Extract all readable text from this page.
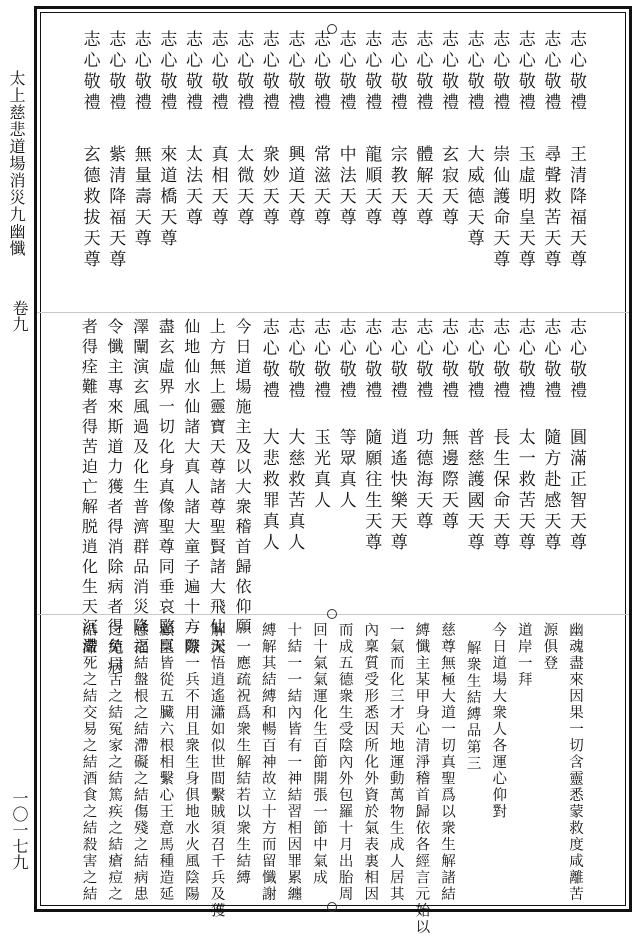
太上慈悲道場消災九幽懺
卷九
一〇一七九
志心敬禮
王清降福天尊
志心敬禮
尋聲救苦天尊
志心敬禮
玉虛明皇天尊
志心敬禮
崇仙護命天尊
志心敬禮
大威德天尊
志心敬禮
玄寂天尊
志心敬禮
體解天尊
志心敬禮
宗教天尊
志心敬禮
龍順天尊
志心敬禮
中法天尊
志心敬禮
常滋天尊
志心敬禮
興道天尊
志心敬禮
衆妙天尊
志心敬禮
太微天尊
志心敬禮
真相天尊
志心敬禮
太法天尊
志心敬禮
來道橋天尊
志心敬禮
無量壽天尊
志心敬禮
紫清降福天尊
志心敬禮
玄德救拔天尊
志心敬禮
圓滿正智天尊
志心敬禮
隨方赴感天尊
志心敬禮
太一救苦天尊
志心敬禮
長生保命天尊
志心敬禮
普慈護國天尊
志心敬禮
無邊際天尊
志心敬禮
功德海天尊
志心敬禮
逍遙快樂天尊
志心敬禮
隨願往生天尊
志心敬禮
等眾真人
志心敬禮
玉光真人
志心敬禮
大慈救苦真人
志心敬禮
大悲救罪真人
今日道場施主及以大衆稽首歸依仰願
上方無上靈寶天尊諸尊聖賢諸大飛仙天
仙地仙水仙諸大真人諸大童子遍十方際
盡玄虛界一切化身真像聖尊同垂哀愍巨
澤闡演玄風過及化生普濟群品消災降福
令懺主專來斯道力獲者得消除病者得免病
者得痊難者得苦迫亡解脱逍化生天沉滯
幽魂盡來因果一切含靈悉蒙救度咸離苦
源俱登
道岸一拜
今日道場大衆人各運心仰對
解衆生結縛品第三
慈尊無極大道一切真聖爲以衆生解諸結
縛懺主某甲身心清淨稽首歸依各經言元始以
一氣而化三才天地運動萬物生成人居其
內稟質受形悉因所化外資於氣表裏相因
而成五德衆生受陰內外包羅十月出胎周
回十氣氣運化生百節開張一節中氣成
十結一一結內皆有一神結習相因罪累纏
縛解其結縛和暢百神故立十方而留懺謝
一一應疏祝爲衆生解結若以衆生結縛
解深悟逍遙瀟如似世間繫賊須召千兵及獲
一賊一兵不用且衆生身俱地水火風陰陽
顧稟皆從五臟六根相繫心王意馬種造延
感之結盤根之結滯礙之結傷殘之結病患
之結口舌之結冤家之結篤疾之結瘡痘之
結嚴死之結交易之結酒食之結殺害之結
